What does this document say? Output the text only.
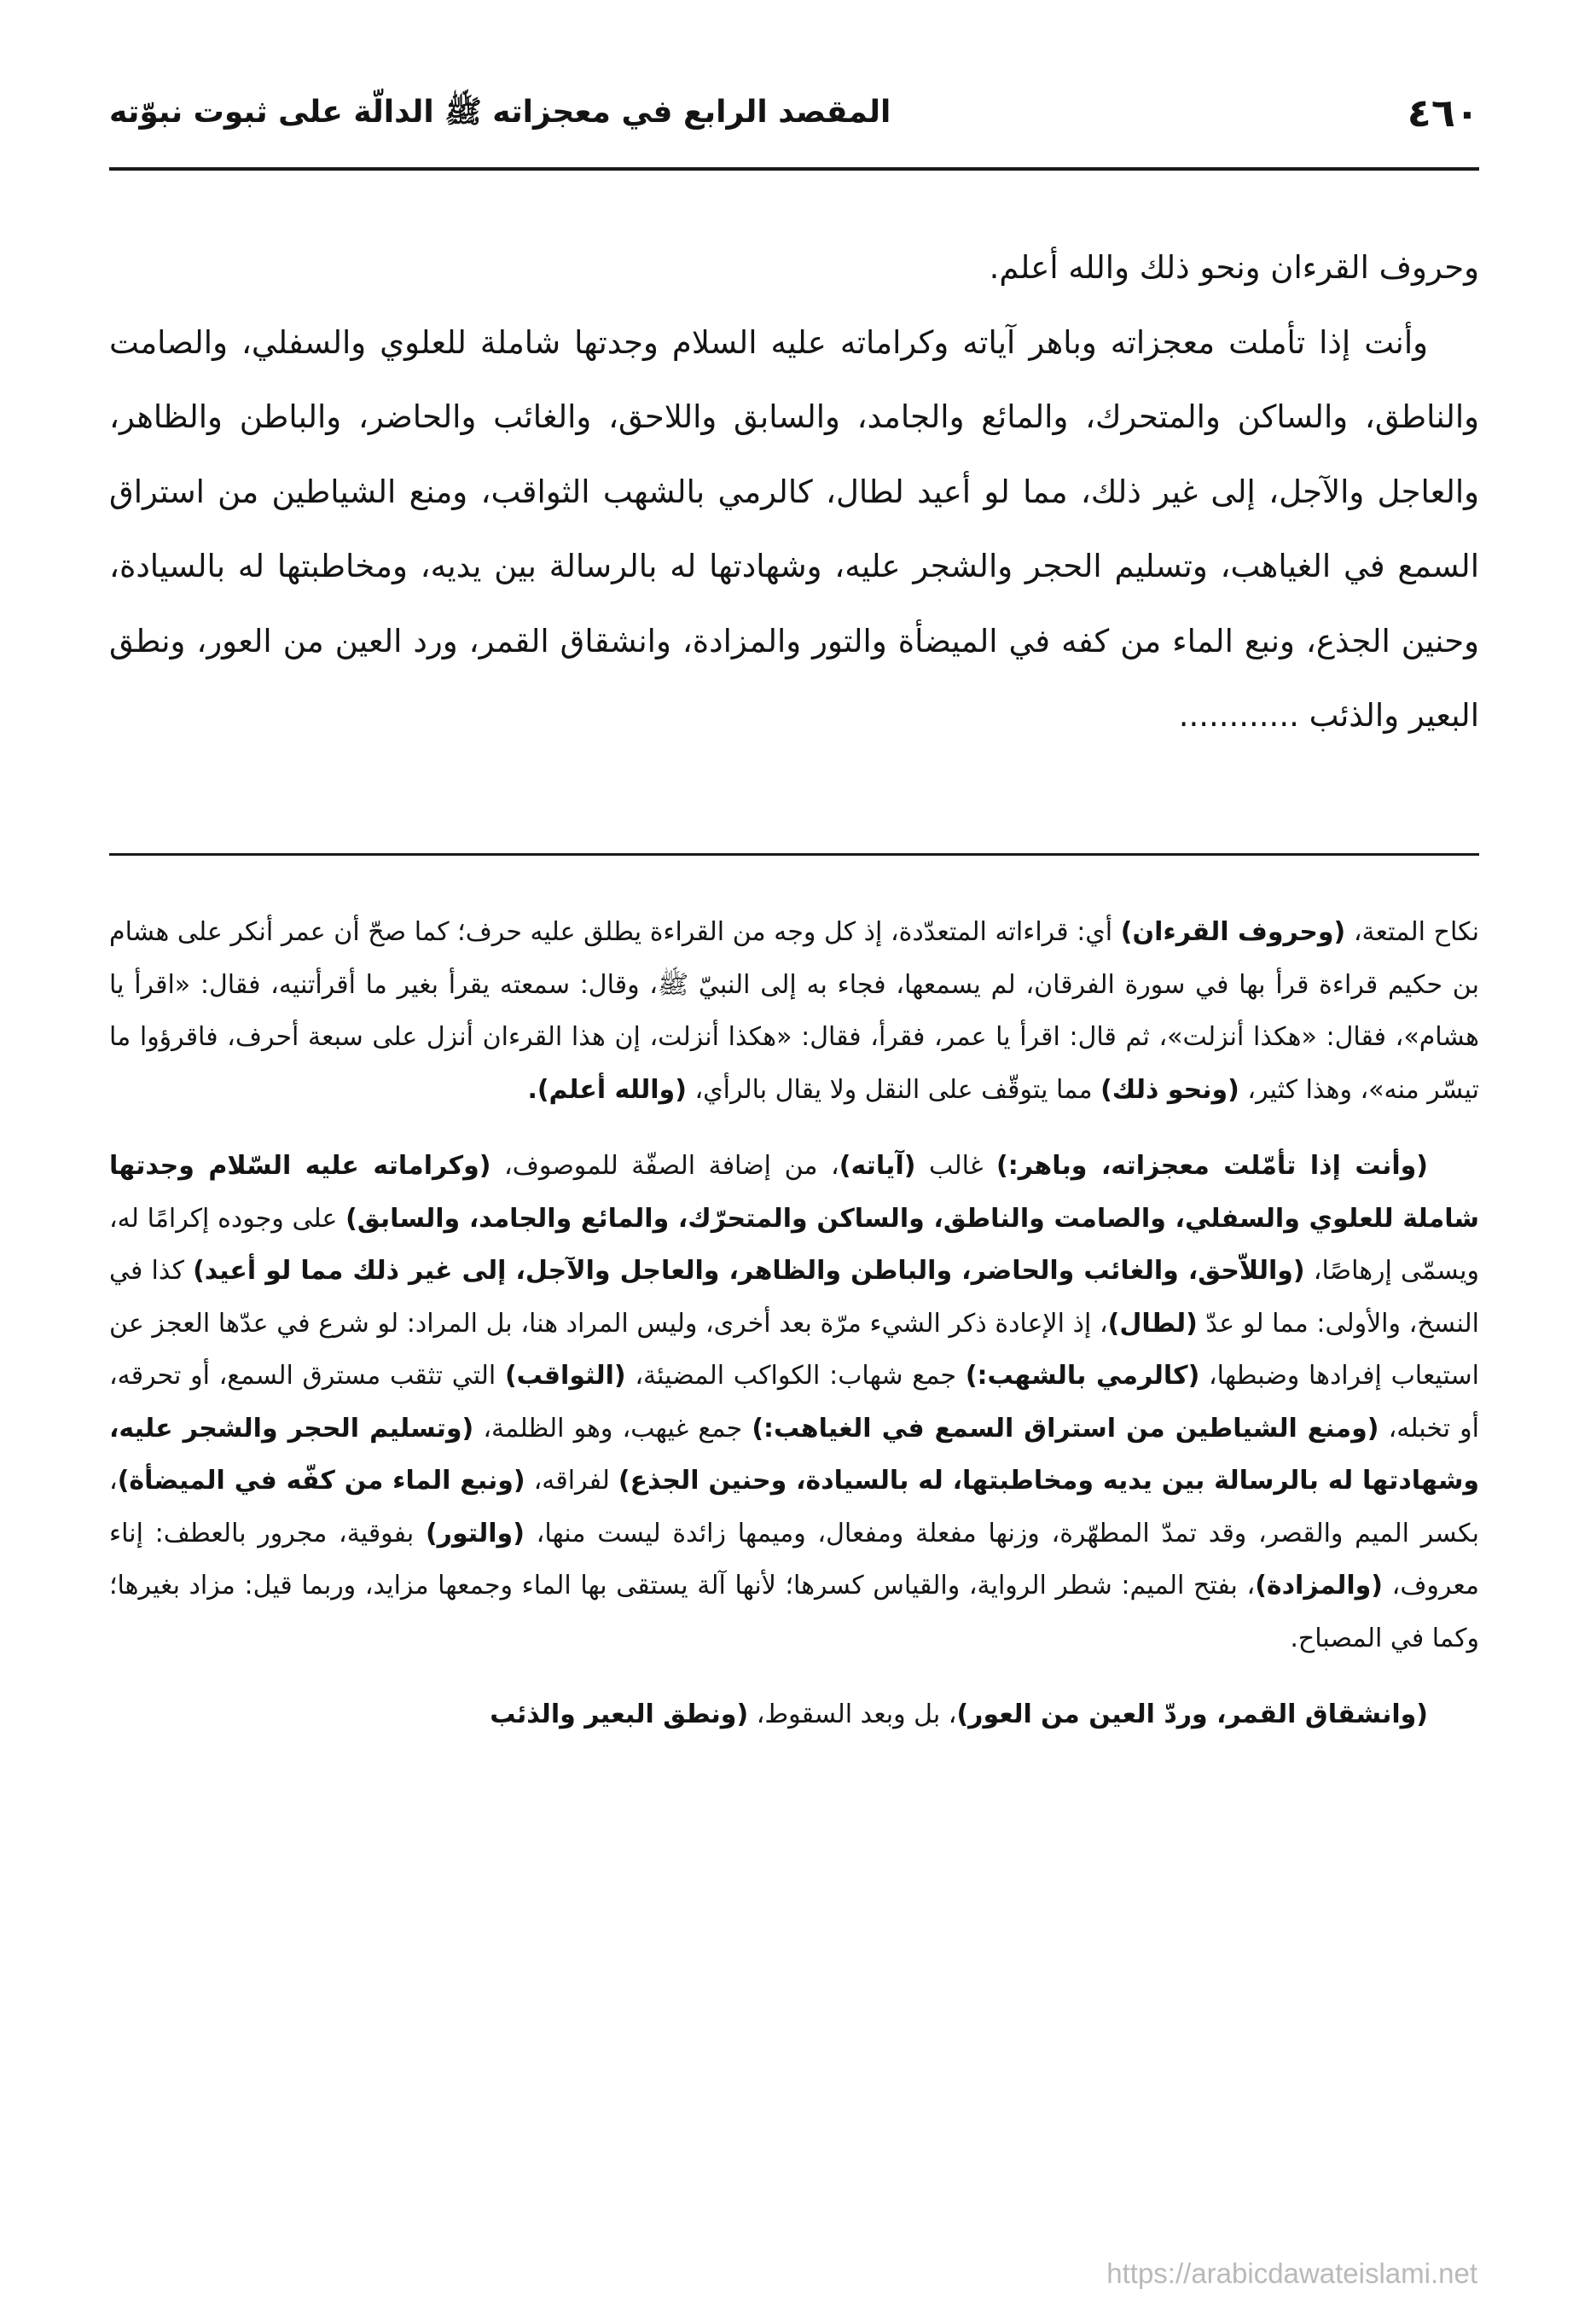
٤٦٠
المقصد الرابع في معجزاته ﷺ الدالّة على ثبوت نبوّته

وحروف القرءان ونحو ذلك والله أعلم.

وأنت إذا تأملت معجزاته وباهر آياته وكراماته عليه السلام وجدتها شاملة للعلوي والسفلي، والصامت والناطق، والساكن والمتحرك، والمائع والجامد، والسابق واللاحق، والغائب والحاضر، والباطن والظاهر، والعاجل والآجل، إلى غير ذلك، مما لو أعيد لطال، كالرمي بالشهب الثواقب، ومنع الشياطين من استراق السمع في الغياهب، وتسليم الحجر والشجر عليه، وشهادتها له بالرسالة بين يديه، ومخاطبتها له بالسيادة، وحنين الجذع، ونبع الماء من كفه في الميضأة والتور والمزادة، وانشقاق القمر، ورد العين من العور، ونطق البعير والذئب ............

نكاح المتعة، (وحروف القرءان) أي: قراءاته المتعدّدة، إذ كل وجه من القراءة يطلق عليه حرف؛ كما صحّ أن عمر أنكر على هشام بن حكيم قراءة قرأ بها في سورة الفرقان، لم يسمعها، فجاء به إلى النبيّ ﷺ، وقال: سمعته يقرأ بغير ما أقرأتنيه، فقال: «اقرأ يا هشام»، فقال: «هكذا أنزلت»، ثم قال: اقرأ يا عمر، فقرأ، فقال: «هكذا أنزلت، إن هذا القرءان أنزل على سبعة أحرف، فاقرؤوا ما تيسّر منه»، وهذا كثير، (ونحو ذلك) مما يتوقّف على النقل ولا يقال بالرأي، (والله أعلم).

(وأنت إذا تأمّلت معجزاته، وباهر:) غالب (آياته)، من إضافة الصفّة للموصوف، (وكراماته عليه السّلام وجدتها شاملة للعلوي والسفلي، والصامت والناطق، والساكن والمتحرّك، والمائع والجامد، والسابق) على وجوده إكرامًا له، ويسمّى إرهاصًا، (واللاّحق، والغائب والحاضر، والباطن والظاهر، والعاجل والآجل، إلى غير ذلك مما لو أعيد) كذا في النسخ، والأولى: مما لو عدّ (لطال)، إذ الإعادة ذكر الشيء مرّة بعد أخرى، وليس المراد هنا، بل المراد: لو شرع في عدّها العجز عن استيعاب إفرادها وضبطها، (كالرمي بالشهب:) جمع شهاب: الكواكب المضيئة، (الثواقب) التي تثقب مسترق السمع، أو تحرقه، أو تخبله، (ومنع الشياطين من استراق السمع في الغياهب:) جمع غيهب، وهو الظلمة، (وتسليم الحجر والشجر عليه، وشهادتها له بالرسالة بين يديه ومخاطبتها، له بالسيادة، وحنين الجذع) لفراقه، (ونبع الماء من كفّه في الميضأة)، بكسر الميم والقصر، وقد تمدّ المطهّرة، وزنها مفعلة ومفعال، وميمها زائدة ليست منها، (والتور) بفوقية، مجرور بالعطف: إناء معروف، (والمزادة)، بفتح الميم: شطر الرواية، والقياس كسرها؛ لأنها آلة يستقى بها الماء وجمعها مزايد، وربما قيل: مزاد بغيرها؛ وكما في المصباح.

(وانشقاق القمر، وردّ العين من العور)، بل وبعد السقوط، (ونطق البعير والذئب

https://arabicdawateislami.net
